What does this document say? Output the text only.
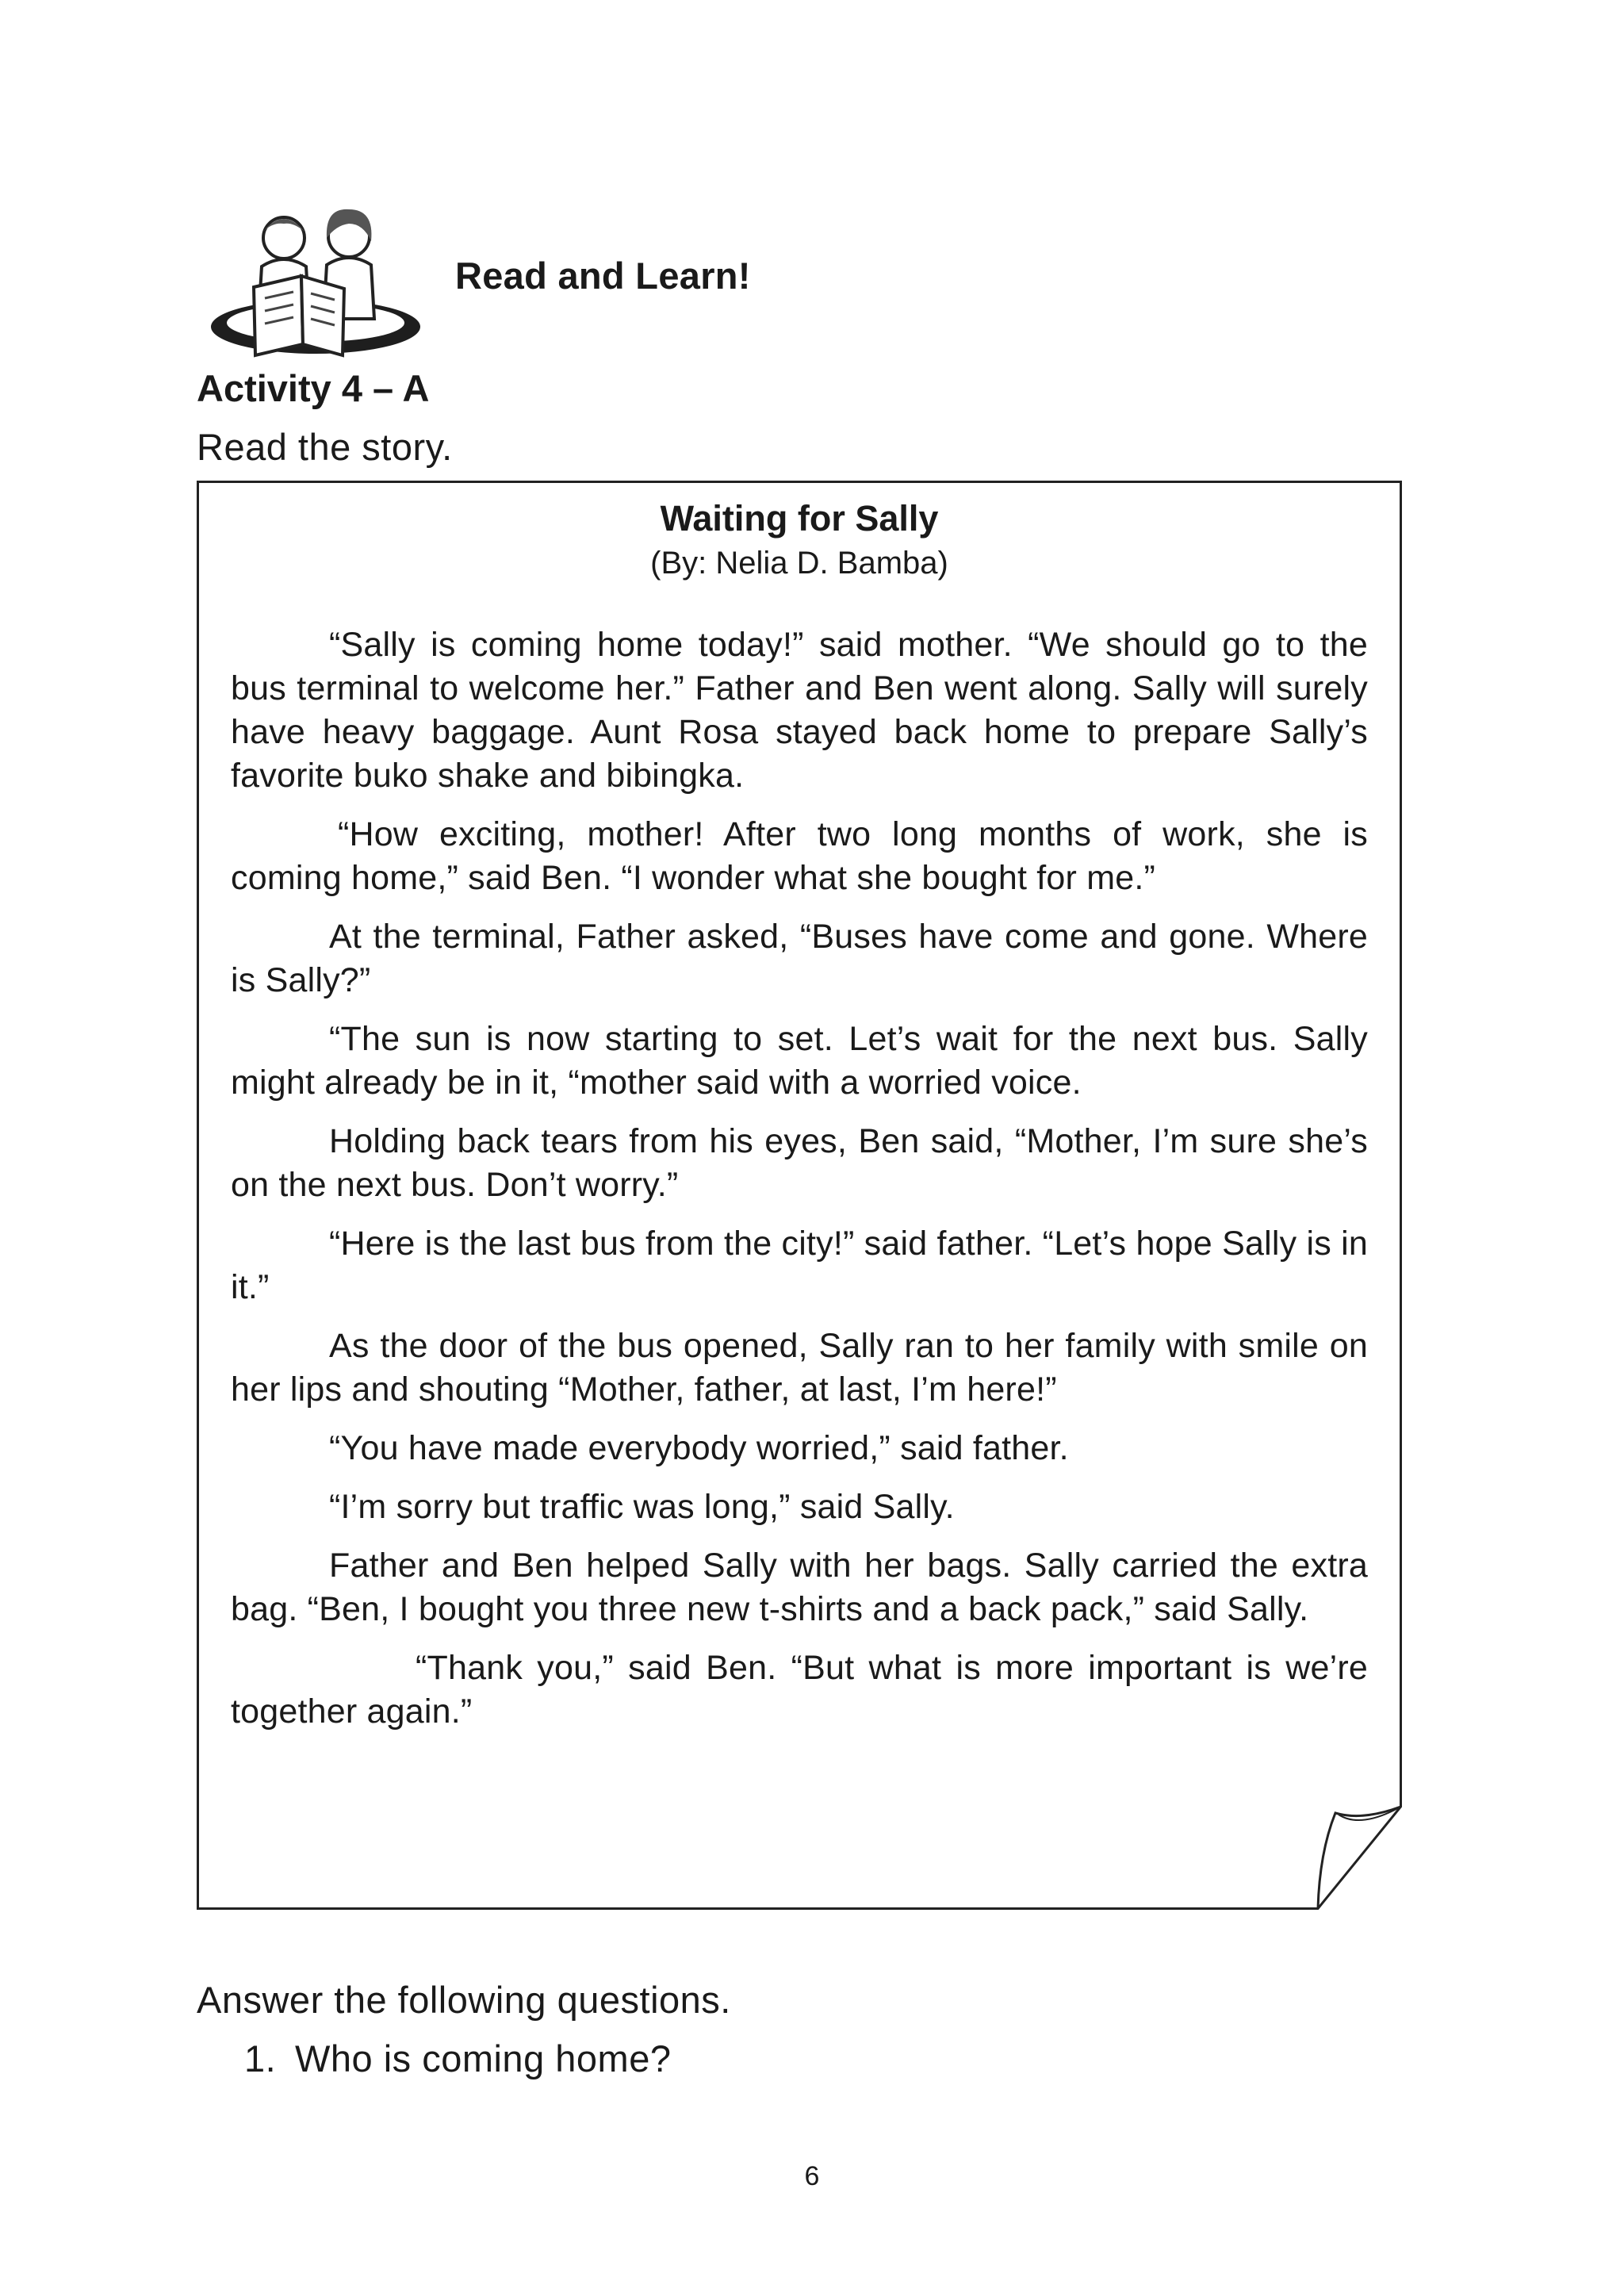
Read and Learn!
Activity 4 – A
Read the story.
Waiting for Sally
(By: Nelia D. Bamba)

“Sally is coming home today!” said mother. “We should go to the bus terminal to welcome her.” Father and Ben went along. Sally will surely have heavy baggage. Aunt Rosa stayed back home to prepare Sally’s favorite buko shake and bibingka.

“How exciting, mother! After two long months of work, she is coming home,” said Ben. “I wonder what she bought for me.”

At the terminal, Father asked, “Buses have come and gone. Where is Sally?”

“The sun is now starting to set. Let’s wait for the next bus. Sally might already be in it, “mother said with a worried voice.

Holding back tears from his eyes, Ben said, “Mother, I’m sure she’s on the next bus. Don’t worry.”

“Here is the last bus from the city!” said father. “Let’s hope Sally is in it.”

As the door of the bus opened, Sally ran to her family with smile on her lips and shouting “Mother, father, at last, I’m here!”

“You have made everybody worried,” said father.

“I’m sorry but traffic was long,” said Sally.

Father and Ben helped Sally with her bags. Sally carried the extra bag. “Ben, I bought you three new t-shirts and a back pack,” said Sally.

“Thank you,” said Ben. “But what is more important is we’re together again.”

Answer the following questions.
1. Who is coming home?
6
